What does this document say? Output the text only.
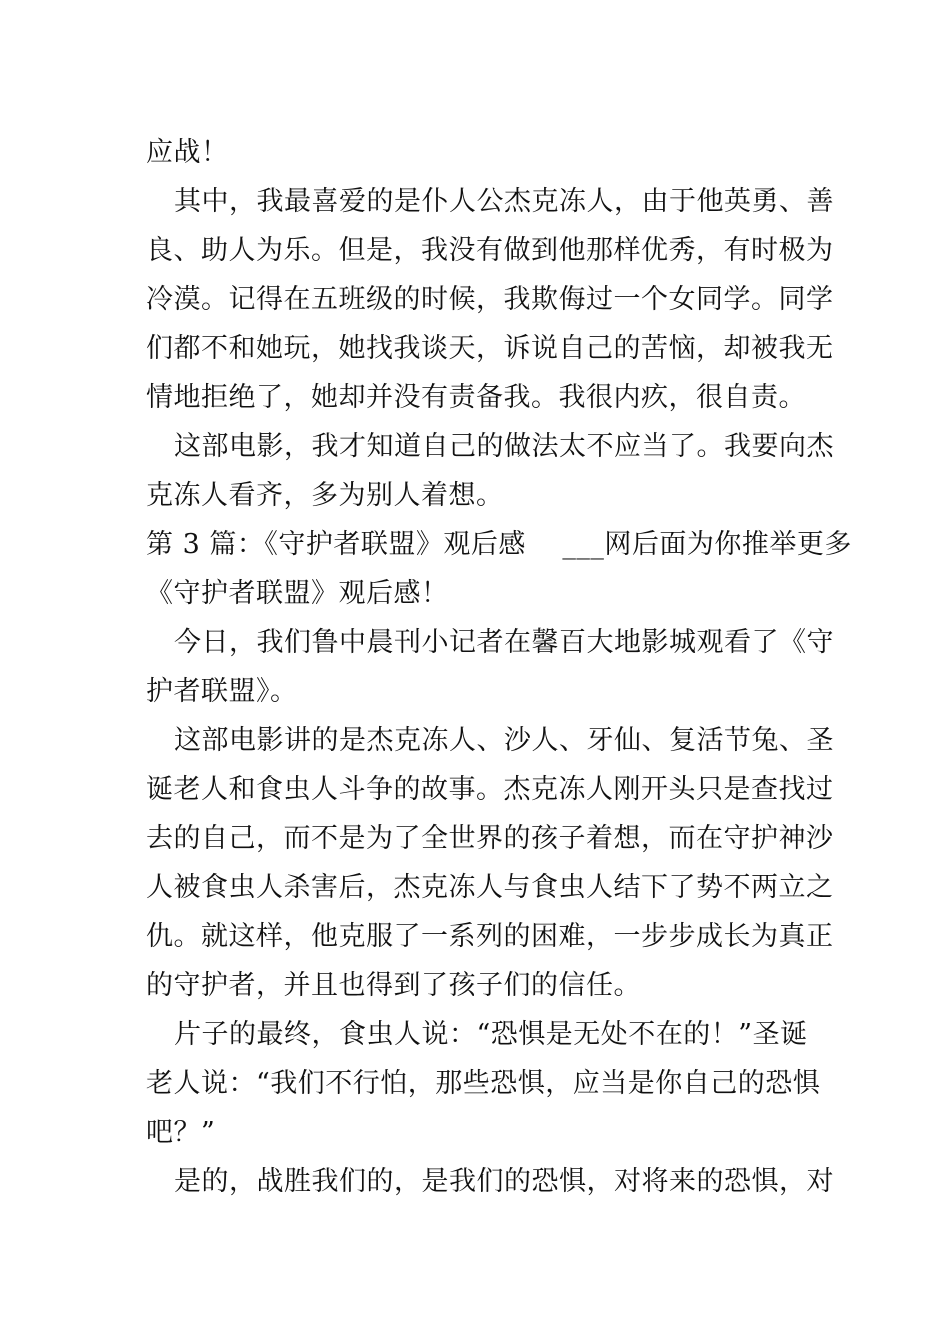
应战！
其中，我最喜爱的是仆人公杰克冻人，由于他英勇、善
良、助人为乐。但是，我没有做到他那样优秀，有时极为
冷漠。记得在五班级的时候，我欺侮过一个女同学。同学
们都不和她玩，她找我谈天，诉说自己的苦恼，却被我无
情地拒绝了，她却并没有责备我。我很内疚，很自责。
这部电影，我才知道自己的做法太不应当了。我要向杰
克冻人看齐，多为别人着想。
第 3 篇：《守护者联盟》观后感　 ___网后面为你推举更多
《守护者联盟》观后感！
今日，我们鲁中晨刊小记者在馨百大地影城观看了《守
护者联盟》。
这部电影讲的是杰克冻人、沙人、牙仙、复活节兔、圣
诞老人和食虫人斗争的故事。杰克冻人刚开头只是查找过
去的自己，而不是为了全世界的孩子着想，而在守护神沙
人被食虫人杀害后，杰克冻人与食虫人结下了势不两立之
仇。就这样，他克服了一系列的困难，一步步成长为真正
的守护者，并且也得到了孩子们的信任。
片子的最终，食虫人说：“恐惧是无处不在的！”圣诞
老人说：“我们不行怕，那些恐惧，应当是你自己的恐惧
吧？”
是的，战胜我们的，是我们的恐惧，对将来的恐惧，对
